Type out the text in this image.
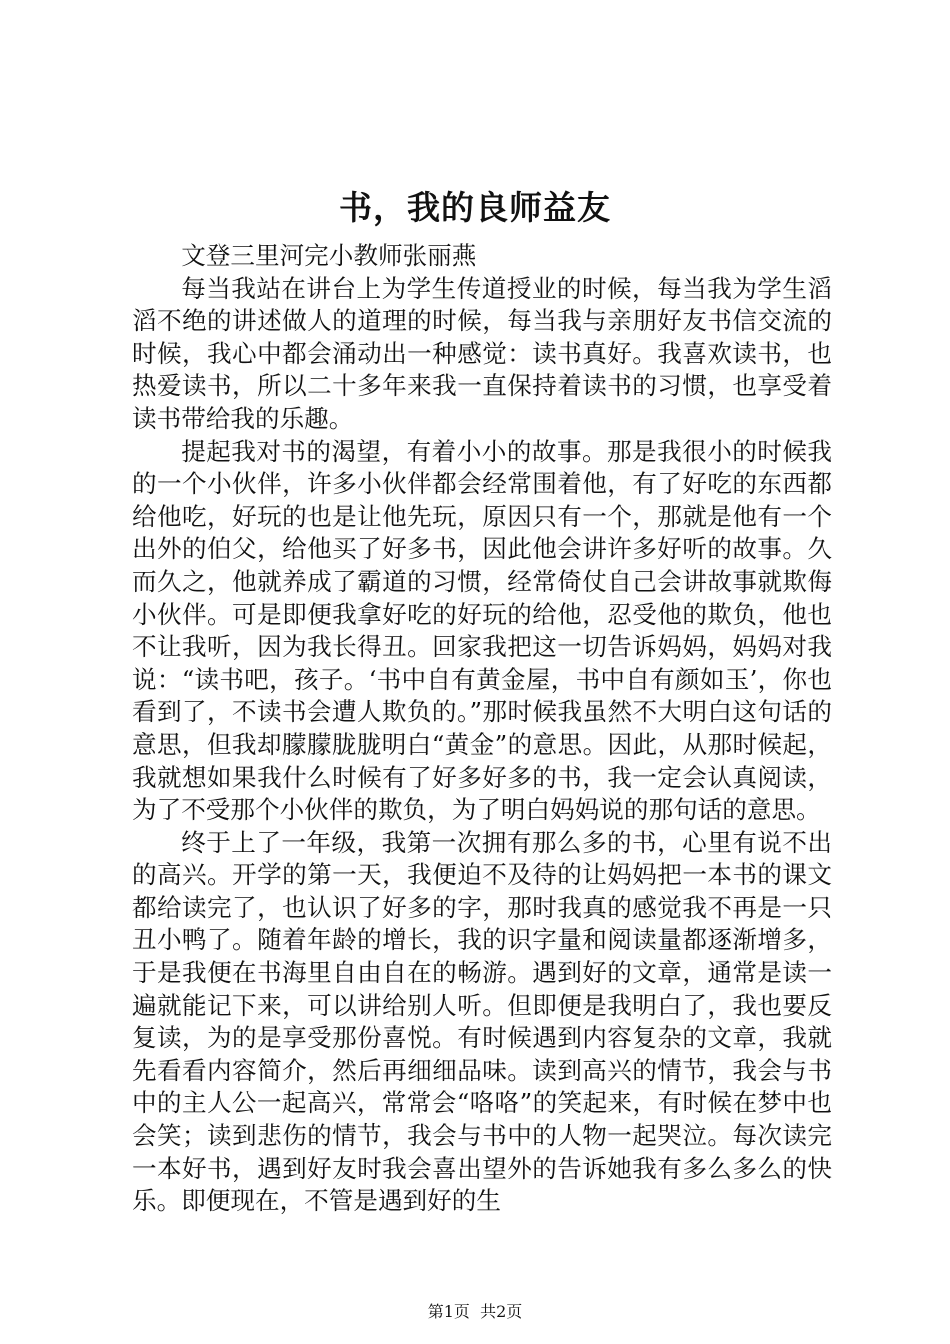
书，我的良师益友

文登三里河完小教师张丽燕

每当我站在讲台上为学生传道授业的时候，每当我为学生滔滔不绝的讲述做人的道理的时候，每当我与亲朋好友书信交流的时候，我心中都会涌动出一种感觉：读书真好。我喜欢读书，也热爱读书，所以二十多年来我一直保持着读书的习惯，也享受着读书带给我的乐趣。

提起我对书的渴望，有着小小的故事。那是我很小的时候我的一个小伙伴，许多小伙伴都会经常围着他，有了好吃的东西都给他吃，好玩的也是让他先玩，原因只有一个，那就是他有一个出外的伯父，给他买了好多书，因此他会讲许多好听的故事。久而久之，他就养成了霸道的习惯，经常倚仗自己会讲故事就欺侮小伙伴。可是即便我拿好吃的好玩的给他，忍受他的欺负，他也不让我听，因为我长得丑。回家我把这一切告诉妈妈，妈妈对我说：“读书吧，孩子。‘书中自有黄金屋，书中自有颜如玉’，你也看到了，不读书会遭人欺负的。”那时候我虽然不大明白这句话的意思，但我却朦朦胧胧明白“黄金”的意思。因此，从那时候起，我就想如果我什么时候有了好多好多的书，我一定会认真阅读，为了不受那个小伙伴的欺负，为了明白妈妈说的那句话的意思。

终于上了一年级，我第一次拥有那么多的书，心里有说不出的高兴。开学的第一天，我便迫不及待的让妈妈把一本书的课文都给读完了，也认识了好多的字，那时我真的感觉我不再是一只丑小鸭了。随着年龄的增长，我的识字量和阅读量都逐渐增多，于是我便在书海里自由自在的畅游。遇到好的文章，通常是读一遍就能记下来，可以讲给别人听。但即便是我明白了，我也要反复读，为的是享受那份喜悦。有时候遇到内容复杂的文章，我就先看看内容简介，然后再细细品味。读到高兴的情节，我会与书中的主人公一起高兴，常常会“咯咯”的笑起来，有时候在梦中也会笑；读到悲伤的情节，我会与书中的人物一起哭泣。每次读完一本好书，遇到好友时我会喜出望外的告诉她我有多么多么的快乐。即便现在，不管是遇到好的生

第1页  共2页
